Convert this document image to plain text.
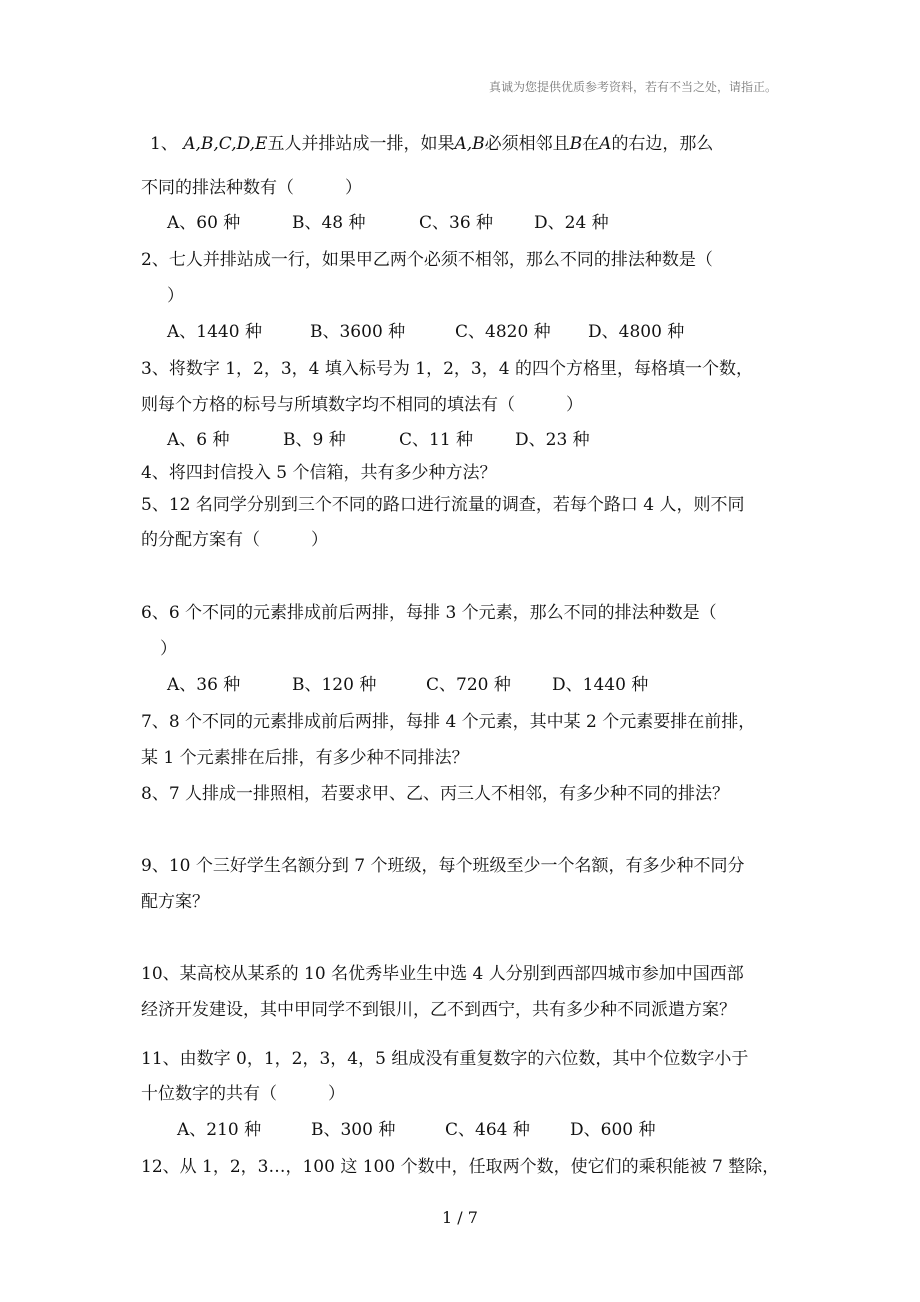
真诚为您提供优质参考资料，若有不当之处，请指正。
1、 A,B,C,D,E五人并排站成一排，如果A,B必须相邻且B在A的右边，那么
不同的排法种数有（　　　）
A、60 种	B、48 种	C、36 种 D、24 种
2、七人并排站成一行，如果甲乙两个必须不相邻，那么不同的排法种数是（
）
A、1440 种	B、3600 种	C、4820 种 D、4800 种
3、将数字 1，2，3，4 填入标号为 1，2，3，4 的四个方格里，每格填一个数，
则每个方格的标号与所填数字均不相同的填法有（　　　）
A、6 种	B、9 种	C、11 种 D、23 种
4、将四封信投入 5 个信箱，共有多少种方法？
5、12 名同学分别到三个不同的路口进行流量的调查，若每个路口 4 人，则不同
的分配方案有（　　　）
6、6 个不同的元素排成前后两排，每排 3 个元素，那么不同的排法种数是（
）
A、36 种	B、120 种	C、720 种 D、1440 种
7、8 个不同的元素排成前后两排，每排 4 个元素，其中某 2 个元素要排在前排，
某 1 个元素排在后排，有多少种不同排法？
8、7 人排成一排照相，若要求甲、乙、丙三人不相邻，有多少种不同的排法？
9、10 个三好学生名额分到 7 个班级，每个班级至少一个名额，有多少种不同分
配方案？
10、某高校从某系的 10 名优秀毕业生中选 4 人分别到西部四城市参加中国西部
经济开发建设，其中甲同学不到银川，乙不到西宁，共有多少种不同派遣方案？
11、由数字 0，1，2，3，4，5 组成没有重复数字的六位数，其中个位数字小于
十位数字的共有（　　　）
A、210 种	B、300 种	C、464 种 D、600 种
12、从 1，2，3…，100 这 100 个数中，任取两个数，使它们的乘积能被 7 整除，
1 / 7
